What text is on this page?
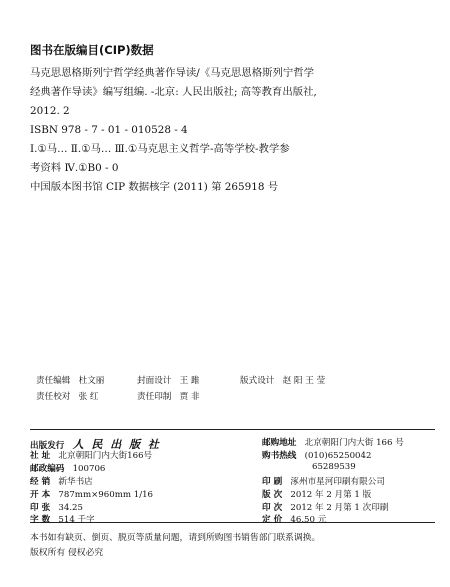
图书在版编目(CIP)数据
马克思恩格斯列宁哲学经典著作导读/《马克思恩格斯列宁哲学
经典著作导读》编写组编. -北京: 人民出版社; 高等教育出版社,
2012. 2
ISBN 978 - 7 - 01 - 010528 - 4
Ⅰ.①马… Ⅱ.①马… Ⅲ.①马克思主义哲学-高等学校-教学参
考资料 Ⅳ.①B0 - 0
中国版本图书馆 CIP 数据核字 (2011) 第 265918 号
责任编辑 杜文丽	封面设计 王 雎	版式设计 赵 阳 王 莹
责任校对 张 红	责任印制 贾 非
出版发行 人 民 出 版 社
社 址 北京朝阳门内大街166号
邮政编码 100706
经 销 新华书店
开 本 787mm×960mm 1/16
印 张 34.25
字 数 514 千字
邮购地址 北京朝阳门内大街 166 号
购书热线 (010)65250042
65289539
印 刷 涿州市星河印刷有限公司
版 次 2012 年 2 月第 1 版
印 次 2012 年 2 月第 1 次印刷
定 价 46.50 元
本书如有缺页、倒页、脱页等质量问题，请到所购图书销售部门联系调换。
版权所有 侵权必究
